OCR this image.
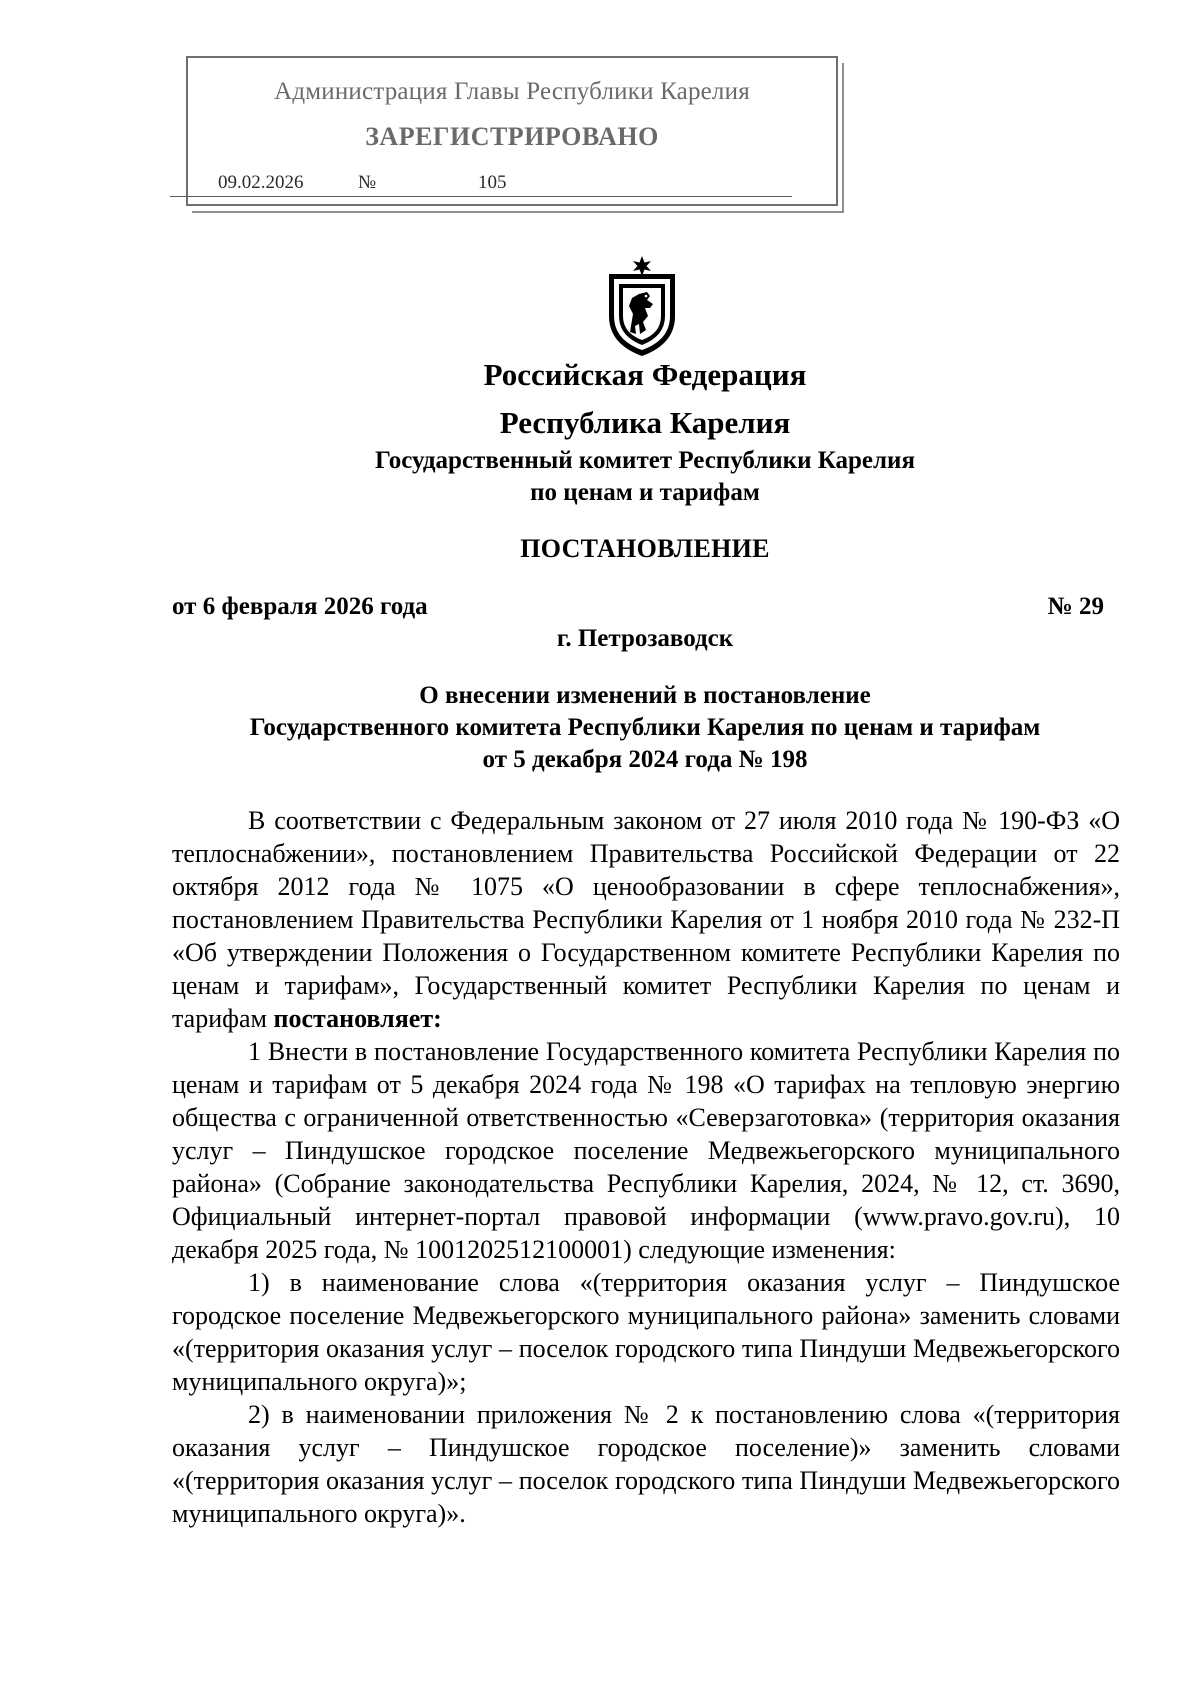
Администрация Главы Республики Карелия
ЗАРЕГИСТРИРОВАНО
09.02.2026	№	105
Российская Федерация
Республика Карелия
Государственный комитет Республики Карелия
по ценам и тарифам
ПОСТАНОВЛЕНИЕ
от 6 февраля 2026 года	№ 29
г. Петрозаводск
О внесении изменений в постановление
Государственного комитета Республики Карелия по ценам и тарифам
от 5 декабря 2024 года № 198

В соответствии с Федеральным законом от 27 июля 2010 года № 190-ФЗ «О теплоснабжении», постановлением Правительства Российской Федерации от 22 октября 2012 года № 1075 «О ценообразовании в сфере теплоснабжения», постановлением Правительства Республики Карелия от 1 ноября 2010 года № 232-П «Об утверждении Положения о Государственном комитете Республики Карелия по ценам и тарифам», Государственный комитет Республики Карелия по ценам и тарифам постановляет:

1 Внести в постановление Государственного комитета Республики Карелия по ценам и тарифам от 5 декабря 2024 года № 198 «О тарифах на тепловую энергию общества с ограниченной ответственностью «Северзаготовка» (территория оказания услуг – Пиндушское городское поселение Медвежьегорского муниципального района» (Собрание законодательства Республики Карелия, 2024, № 12, ст. 3690, Официальный интернет-портал правовой информации (www.pravo.gov.ru), 10 декабря 2025 года, № 1001202512100001) следующие изменения:

1) в наименование слова «(территория оказания услуг – Пиндушское городское поселение Медвежьегорского муниципального района» заменить словами «(территория оказания услуг – поселок городского типа Пиндуши Медвежьегорского муниципального округа)»;

2) в наименовании приложения № 2 к постановлению слова «(территория оказания услуг – Пиндушское городское поселение)» заменить словами «(территория оказания услуг – поселок городского типа Пиндуши Медвежьегорского муниципального округа)».
